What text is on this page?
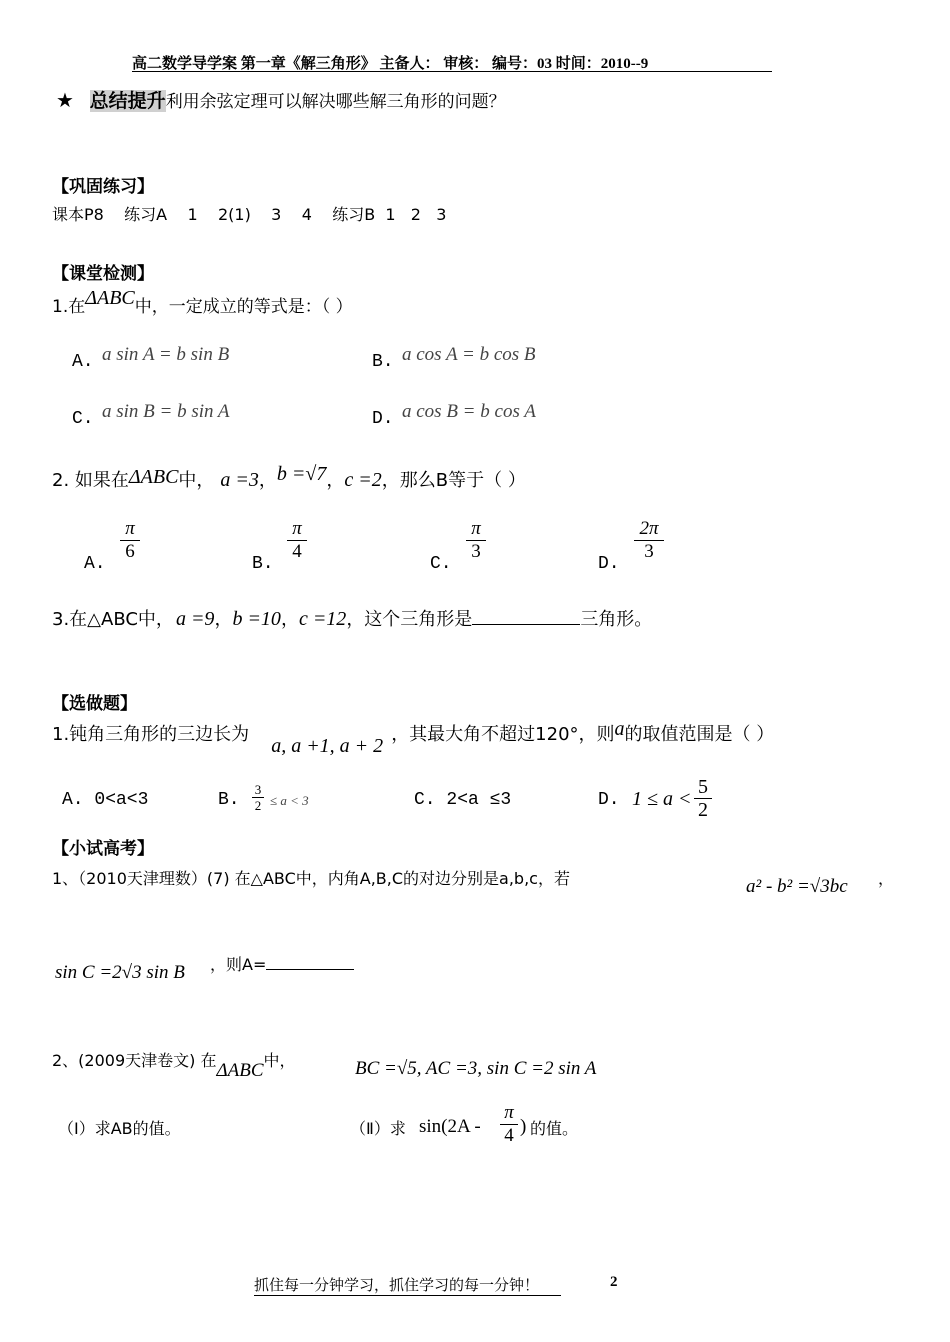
高二数学导学案 第一章《解三角形》 主备人： 审核： 编号：03 时间：2010--9
★ 总结提升利用余弦定理可以解决哪些解三角形的问题？
【巩固练习】
课本P8    练习A    1    2(1)    3    4    练习B  1   2   3
【课堂检测】
1.在ΔABC中，一定成立的等式是：（ ）
A. a sin A = b sin B	B. a cos A = b cos B
C. a sin B = b sin A	D. a cos B = b cos A
2. 如果在ΔABC中， a =3，b =√7，c =2，那么B等于（ ）
A.
$\frac{\pi}{6}$
B.
$\frac{\pi}{4}$
C.
$\frac{\pi}{3}$
D.
$\frac{2\pi}{3}$
3.在△ABC中， a =9，b =10，c =12，这个三角形是	三角形。
【选做题】
1.钝角三角形的三边长为a, a +1, a + 2，其最大角不超过120°，则a的取值范围是（ ）
A. 0<a<3	B. $\frac{3}{2} \le a < 3$	C. 2<a ≤3	D. $1 \le a < \frac{5}{2}$
【小试高考】
1、（2010天津理数）(7) 在△ABC中，内角A,B,C的对边分别是a,b,c，若	a² - b² =√3bc ，
sin C =2√3 sin B ，则A=
2、(2009天津卷文) 在ΔABC中，	BC =√5, AC =3, sin C =2 sin A
（Ⅰ）求AB的值。	（Ⅱ）求 $\sin(2A - \frac{\pi}{4}$ ) 的值。
抓住每一分钟学习，抓住学习的每一分钟！	2
